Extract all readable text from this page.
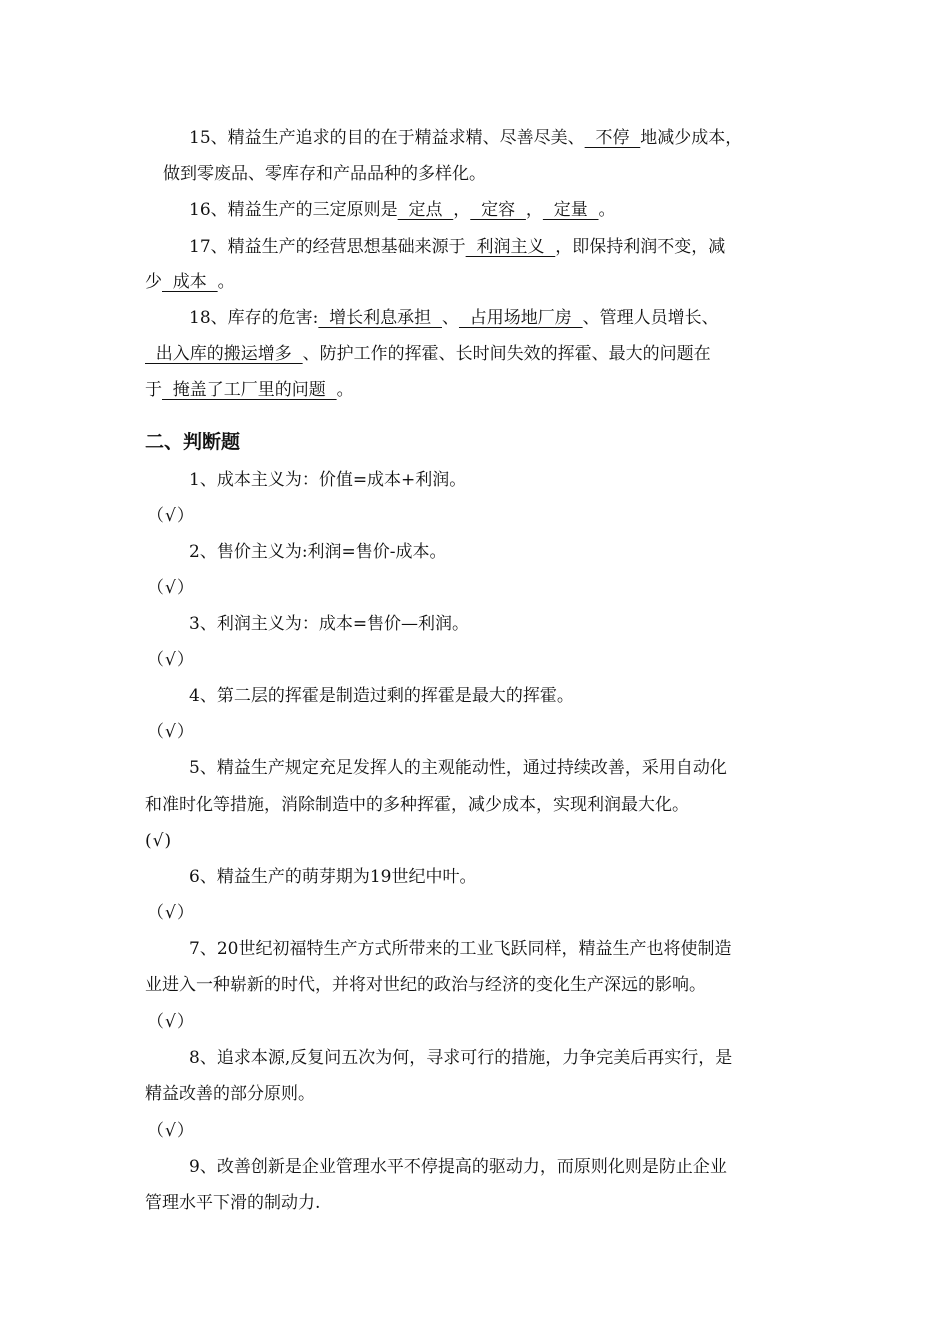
15、精益生产追求的目的在于精益求精、尽善尽美、  不停  地减少成本，
做到零废品、零库存和产品品种的多样化。
16、精益生产的三定原则是  定点  ，  定容  ，  定量  。
17、精益生产的经营思想基础来源于  利润主义  ，即保持利润不变，减
少  成本  。
18、库存的危害:  增长利息承担  、  占用场地厂房  、管理人员增长、
出入库的搬运增多  、防护工作的挥霍、长时间失效的挥霍、最大的问题在
于  掩盖了工厂里的问题  。
二、判断题
1、成本主义为：价值=成本+利润。
（√）
2、售价主义为:利润=售价-成本。
（√）
3、利润主义为：成本=售价—利润。
（√）
4、第二层的挥霍是制造过剩的挥霍是最大的挥霍。
（√）
5、精益生产规定充足发挥人的主观能动性，通过持续改善，采用自动化
和准时化等措施，消除制造中的多种挥霍，减少成本，实现利润最大化。
(√)
6、精益生产的萌芽期为19世纪中叶。
（√）
7、20世纪初福特生产方式所带来的工业飞跃同样，精益生产也将使制造
业进入一种崭新的时代，并将对世纪的政治与经济的变化生产深远的影响。
（√）
8、追求本源,反复问五次为何，寻求可行的措施，力争完美后再实行，是
精益改善的部分原则。
（√）
9、改善创新是企业管理水平不停提高的驱动力，而原则化则是防止企业
管理水平下滑的制动力.
